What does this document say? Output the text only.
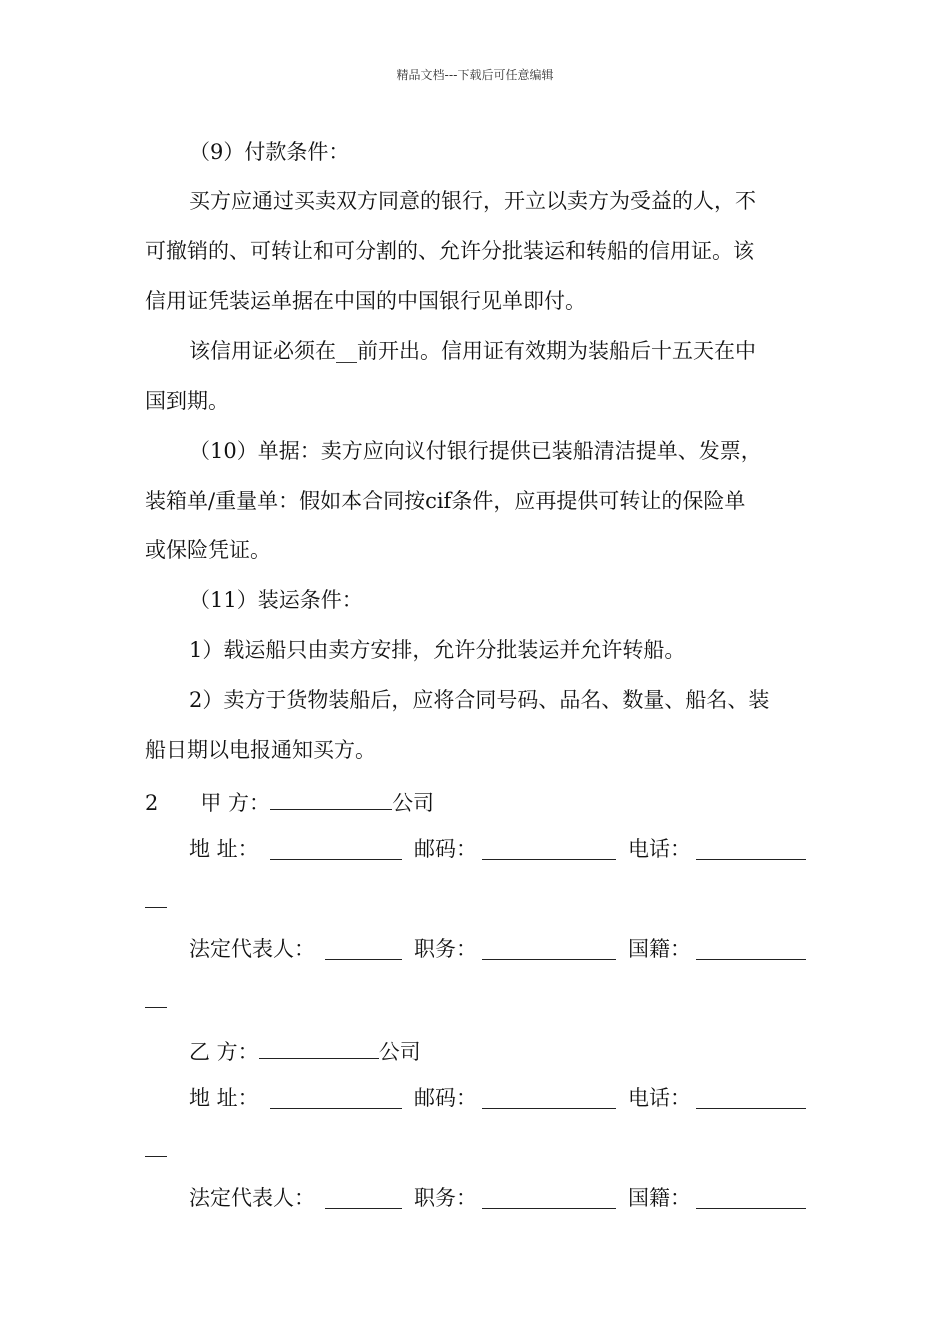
精品文档---下载后可任意编辑
（9）付款条件：
买方应通过买卖双方同意的银行，开立以卖方为受益的人，不
可撤销的、可转让和可分割的、允许分批装运和转船的信用证。该
信用证凭装运单据在中国的中国银行见单即付。
该信用证必须在__前开出。信用证有效期为装船后十五天在中
国到期。
（10）单据：卖方应向议付银行提供已装船清洁提单、发票，
装箱单/重量单：假如本合同按cif条件，应再提供可转让的保险单
或保险凭证。
（11）装运条件：
1）载运船只由卖方安排，允许分批装运并允许转船。
2）卖方于货物装船后，应将合同号码、品名、数量、船名、装
船日期以电报通知买方。
2 甲 方：	公司
地 址：	邮码：	电话：
法定代表人：	职务：	国籍：
乙 方：	公司
地 址：	邮码：	电话：
法定代表人：	职务：	国籍：
